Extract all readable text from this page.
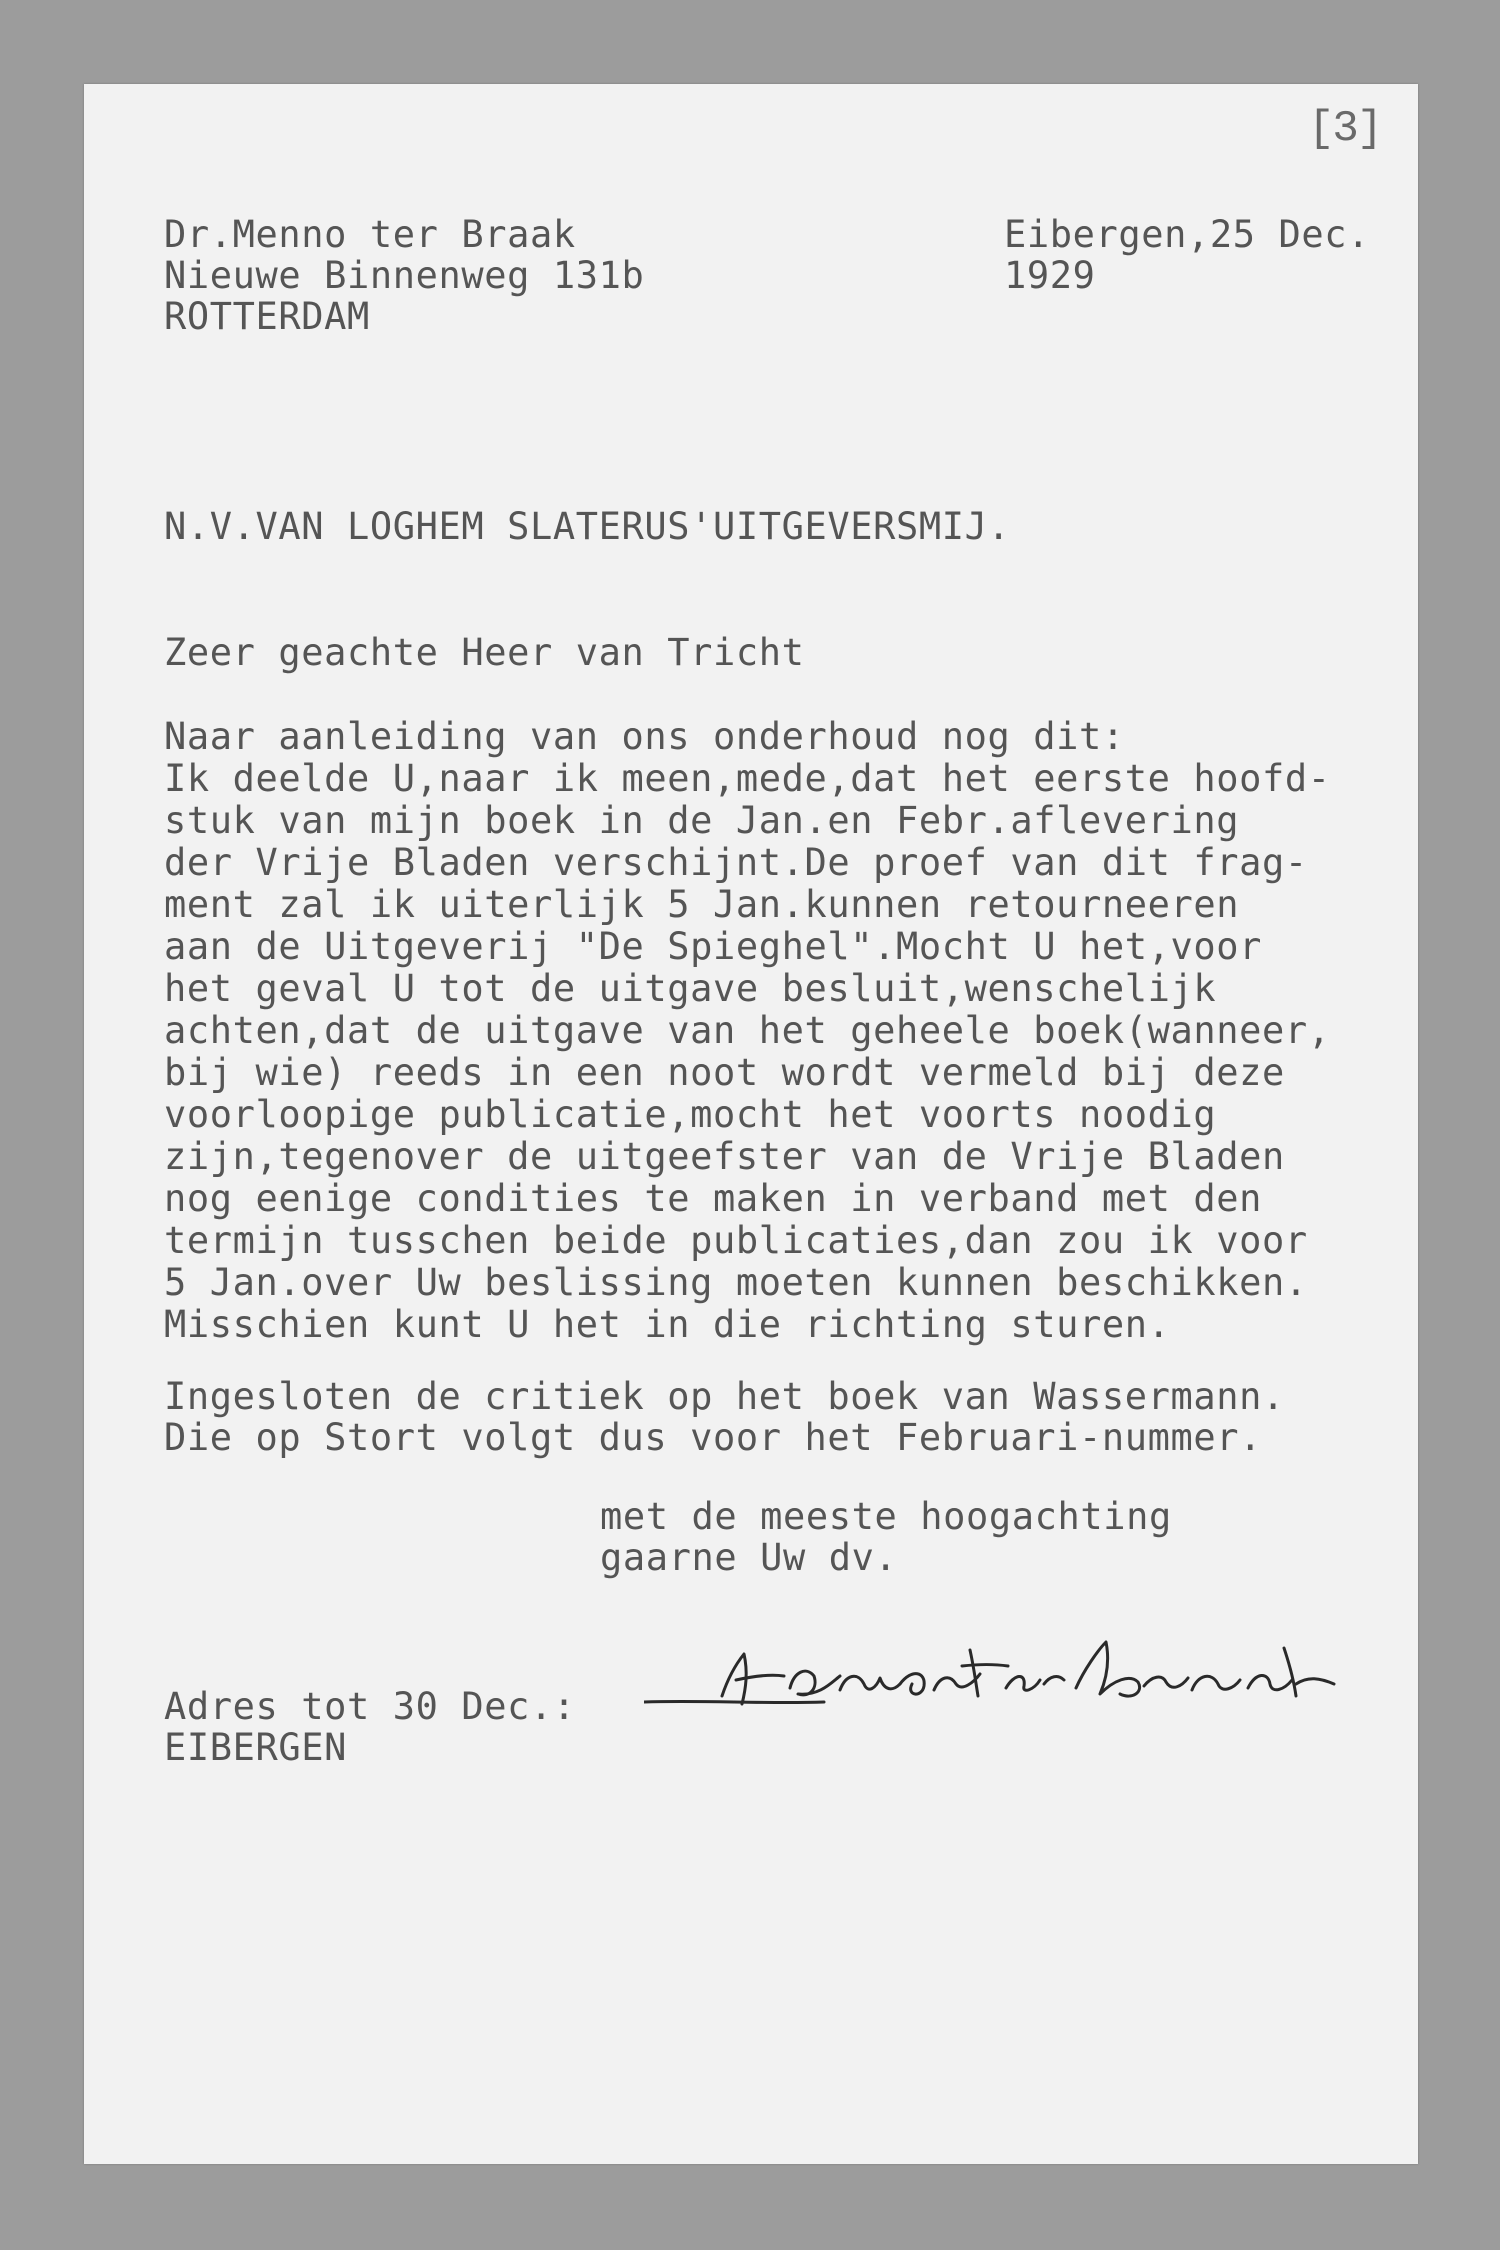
[3]
Dr.Menno ter Braak
Nieuwe Binnenweg 131b
ROTTERDAM
Eibergen,25 Dec.
1929
N.V.VAN LOGHEM SLATERUS'UITGEVERSMIJ.
Zeer geachte Heer van Tricht
Naar aanleiding van ons onderhoud nog dit:
Ik deelde U,naar ik meen,mede,dat het eerste hoofd-
stuk van mijn boek in de Jan.en Febr.aflevering
der Vrije Bladen verschijnt.De proef van dit frag-
ment zal ik uiterlijk 5 Jan.kunnen retourneeren
aan de Uitgeverij "De Spieghel".Mocht U het,voor
het geval U tot de uitgave besluit,wenschelijk
achten,dat de uitgave van het geheele boek(wanneer,
bij wie) reeds in een noot wordt vermeld bij deze
voorloopige publicatie,mocht het voorts noodig
zijn,tegenover de uitgeefster van de Vrije Bladen
nog eenige condities te maken in verband met den
termijn tusschen beide publicaties,dan zou ik voor
5 Jan.over Uw beslissing moeten kunnen beschikken.
Misschien kunt U het in die richting sturen.
Ingesloten de critiek op het boek van Wassermann.
Die op Stort volgt dus voor het Februari-nummer.
met de meeste hoogachting
gaarne Uw dv.
Adres tot 30 Dec.:
EIBERGEN
